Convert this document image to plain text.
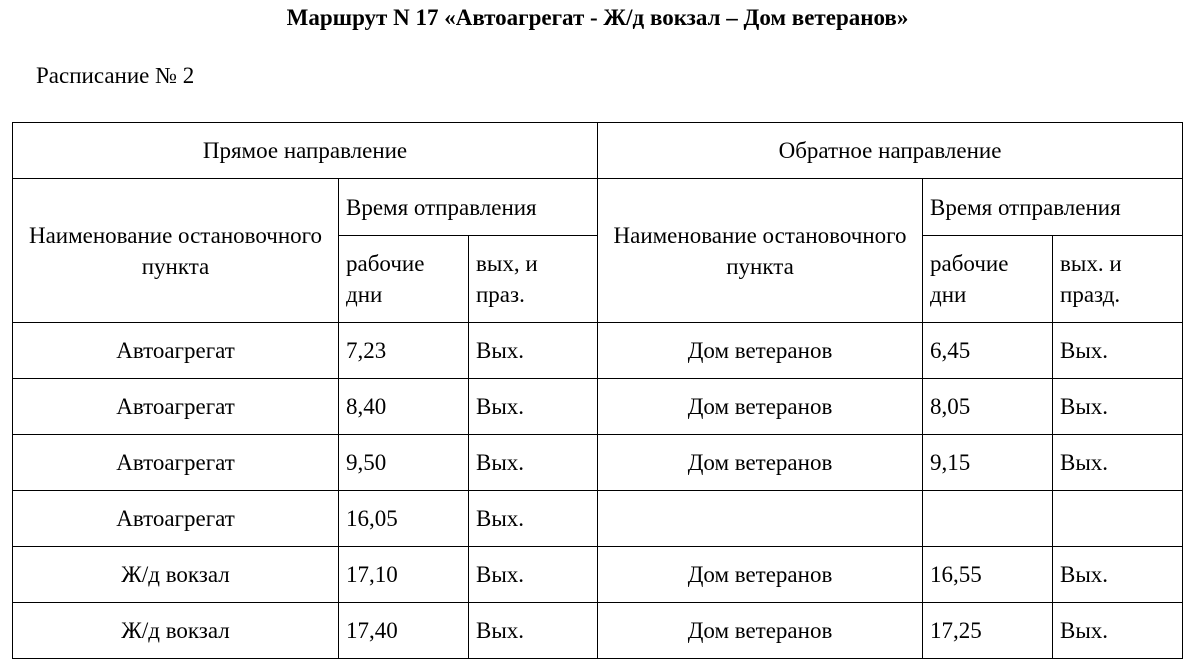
Маршрут N 17 «Автоагрегат - Ж/д вокзал – Дом ветеранов»
Расписание № 2
Прямое направление			Обратное направление		
Наименование остановочного пункта	Время отправления		Наименование остановочного пункта	Время отправления	
	рабочие дни	вых, и праз.		рабочие дни	вых. и празд.
Автоагрегат	7,23	Вых.	Дом ветеранов	6,45	Вых.
Автоагрегат	8,40	Вых.	Дом ветеранов	8,05	Вых.
Автоагрегат	9,50	Вых.	Дом ветеранов	9,15	Вых.
Автоагрегат	16,05	Вых.			
Ж/д вокзал	17,10	Вых.	Дом ветеранов	16,55	Вых.
Ж/д вокзал	17,40	Вых.	Дом ветеранов	17,25	Вых.
